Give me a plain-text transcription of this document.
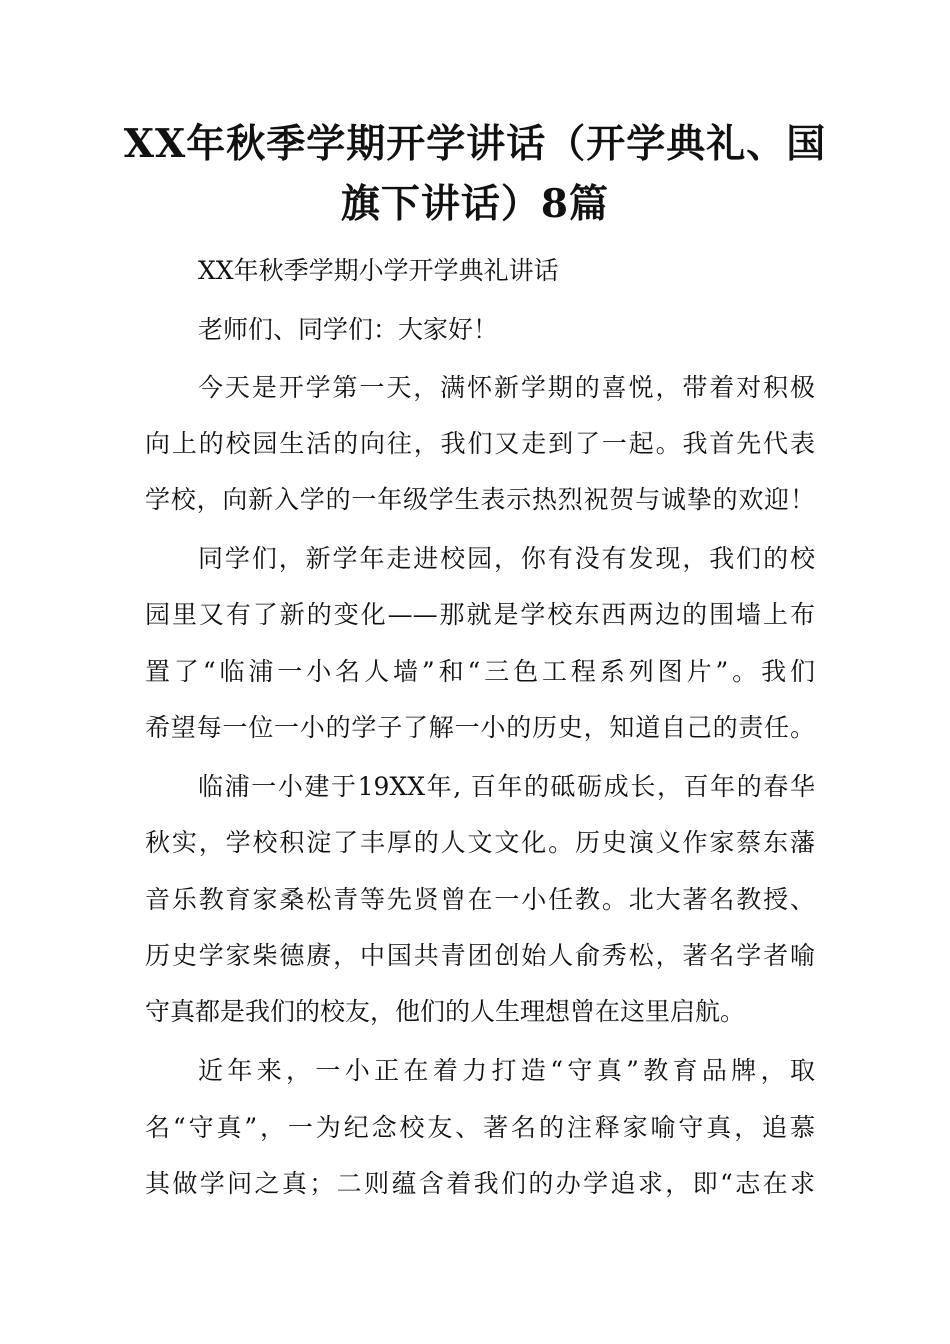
XX年秋季学期开学讲话（开学典礼、国
旗下讲话）8篇
XX年秋季学期小学开学典礼讲话
老师们、同学们：大家好！
今天是开学第一天，满怀新学期的喜悦，带着对积极
向上的校园生活的向往，我们又走到了一起。我首先代表
学校，向新入学的一年级学生表示热烈祝贺与诚挚的欢迎！
同学们，新学年走进校园，你有没有发现，我们的校
园里又有了新的变化——那就是学校东西两边的围墙上布
置了“临浦一小名人墙”和“三色工程系列图片”。我们
希望每一位一小的学子了解一小的历史，知道自己的责任。
临浦一小建于19XX年, 百年的砥砺成长，百年的春华
秋实，学校积淀了丰厚的人文文化。历史演义作家蔡东藩
音乐教育家桑松青等先贤曾在一小任教。北大著名教授、
历史学家柴德赓，中国共青团创始人俞秀松，著名学者喻
守真都是我们的校友，他们的人生理想曾在这里启航。
近年来，一小正在着力打造“守真”教育品牌，取
名“守真”，一为纪念校友、著名的注释家喻守真，追慕
其做学问之真；二则蕴含着我们的办学追求，即“志在求
